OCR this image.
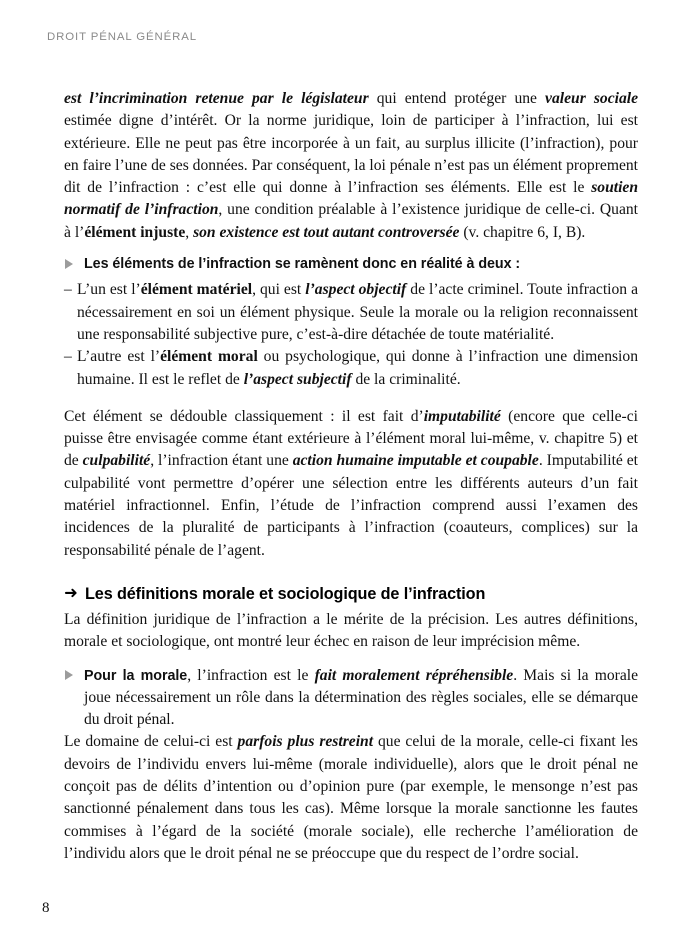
DROIT PÉNAL GÉNÉRAL

est l’incrimination retenue par le législateur qui entend protéger une valeur sociale estimée digne d’intérêt. Or la norme juridique, loin de participer à l’infraction, lui est extérieure. Elle ne peut pas être incorporée à un fait, au surplus illicite (l’infraction), pour en faire l’une de ses données. Par conséquent, la loi pénale n’est pas un élément proprement dit de l’infraction : c’est elle qui donne à l’infraction ses éléments. Elle est le soutien normatif de l’infraction, une condition préalable à l’existence juridique de celle-ci. Quant à l’élément injuste, son existence est tout autant controversée (v. chapitre 6, I, B).

Les éléments de l’infraction se ramènent donc en réalité à deux :

– L’un est l’élément matériel, qui est l’aspect objectif de l’acte criminel. Toute infraction a nécessairement en soi un élément physique. Seule la morale ou la religion reconnaissent une responsabilité subjective pure, c’est-à-dire détachée de toute matérialité.
– L’autre est l’élément moral ou psychologique, qui donne à l’infraction une dimension humaine. Il est le reflet de l’aspect subjectif de la criminalité.

Cet élément se dédouble classiquement : il est fait d’imputabilité (encore que celle-ci puisse être envisagée comme étant extérieure à l’élément moral lui-même, v. chapitre 5) et de culpabilité, l’infraction étant une action humaine imputable et coupable. Imputabilité et culpabilité vont permettre d’opérer une sélection entre les différents auteurs d’un fait matériel infractionnel. Enfin, l’étude de l’infraction comprend aussi l’examen des incidences de la pluralité de participants à l’infraction (coauteurs, complices) sur la responsabilité pénale de l’agent.

➜ Les définitions morale et sociologique de l’infraction

La définition juridique de l’infraction a le mérite de la précision. Les autres définitions, morale et sociologique, ont montré leur échec en raison de leur imprécision même.

Pour la morale, l’infraction est le fait moralement répréhensible. Mais si la morale joue nécessairement un rôle dans la détermination des règles sociales, elle se démarque du droit pénal.

Le domaine de celui-ci est parfois plus restreint que celui de la morale, celle-ci fixant les devoirs de l’individu envers lui-même (morale individuelle), alors que le droit pénal ne conçoit pas de délits d’intention ou d’opinion pure (par exemple, le mensonge n’est pas sanctionné pénalement dans tous les cas). Même lorsque la morale sanctionne les fautes commises à l’égard de la société (morale sociale), elle recherche l’amélioration de l’individu alors que le droit pénal ne se préoccupe que du respect de l’ordre social.

8
